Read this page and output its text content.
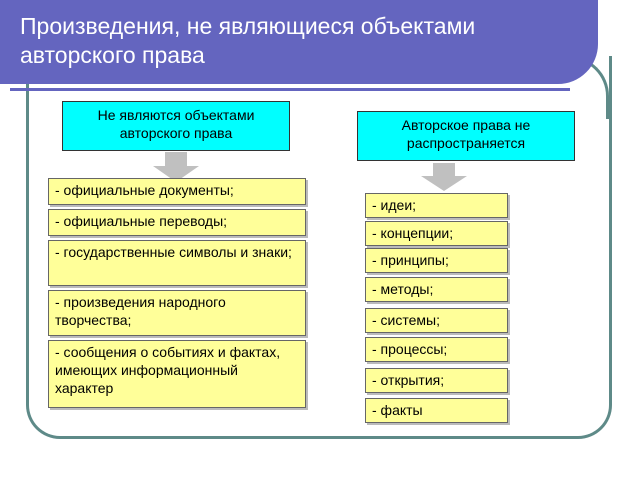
Произведения, не являющиеся объектами авторского права
Не являются объектами авторского права	Авторское права не распространяется
- официальные документы;
- официальные переводы;
- государственные символы и знаки;
- произведения народного творчества;
- сообщения о событиях и фактах, имеющих информационный характер
- идеи;
- концепции;
- принципы;
- методы;
- системы;
- процессы;
- открытия;
- факты
